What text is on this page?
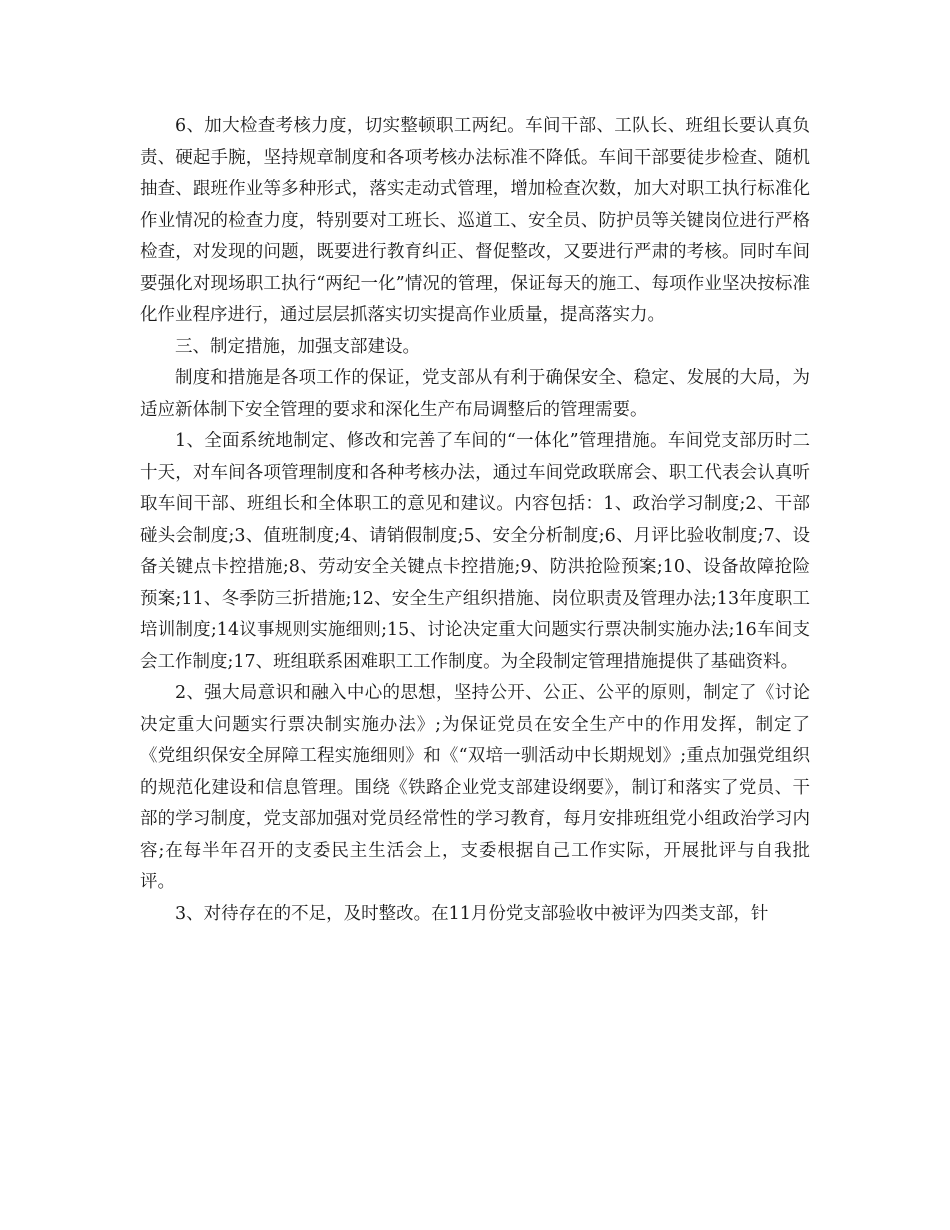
6、加大检查考核力度，切实整顿职工两纪。车间干部、工队长、班组长要认真负责、硬起手腕，坚持规章制度和各项考核办法标准不降低。车间干部要徒步检查、随机抽查、跟班作业等多种形式，落实走动式管理，增加检查次数，加大对职工执行标准化作业情况的检查力度，特别要对工班长、巡道工、安全员、防护员等关键岗位进行严格检查，对发现的问题，既要进行教育纠正、督促整改，又要进行严肃的考核。同时车间要强化对现场职工执行“两纪一化”情况的管理，保证每天的施工、每项作业坚决按标准化作业程序进行，通过层层抓落实切实提高作业质量，提高落实力。

三、制定措施，加强支部建设。

制度和措施是各项工作的保证，党支部从有利于确保安全、稳定、发展的大局，为适应新体制下安全管理的要求和深化生产布局调整后的管理需要。

1、全面系统地制定、修改和完善了车间的“一体化”管理措施。车间党支部历时二十天，对车间各项管理制度和各种考核办法，通过车间党政联席会、职工代表会认真听取车间干部、班组长和全体职工的意见和建议。内容包括：1、政治学习制度;2、干部碰头会制度;3、值班制度;4、请销假制度;5、安全分析制度;6、月评比验收制度;7、设备关键点卡控措施;8、劳动安全关键点卡控措施;9、防洪抢险预案;10、设备故障抢险预案;11、冬季防三折措施;12、安全生产组织措施、岗位职责及管理办法;13年度职工培训制度;14议事规则实施细则;15、讨论决定重大问题实行票决制实施办法;16车间支会工作制度;17、班组联系困难职工工作制度。为全段制定管理措施提供了基础资料。

2、强大局意识和融入中心的思想，坚持公开、公正、公平的原则，制定了《讨论决定重大问题实行票决制实施办法》;为保证党员在安全生产中的作用发挥，制定了《党组织保安全屏障工程实施细则》和《“双培一驯活动中长期规划》;重点加强党组织的规范化建设和信息管理。围绕《铁路企业党支部建设纲要》，制订和落实了党员、干部的学习制度，党支部加强对党员经常性的学习教育，每月安排班组党小组政治学习内容;在每半年召开的支委民主生活会上，支委根据自己工作实际，开展批评与自我批评。

3、对待存在的不足，及时整改。在11月份党支部验收中被评为四类支部，针
